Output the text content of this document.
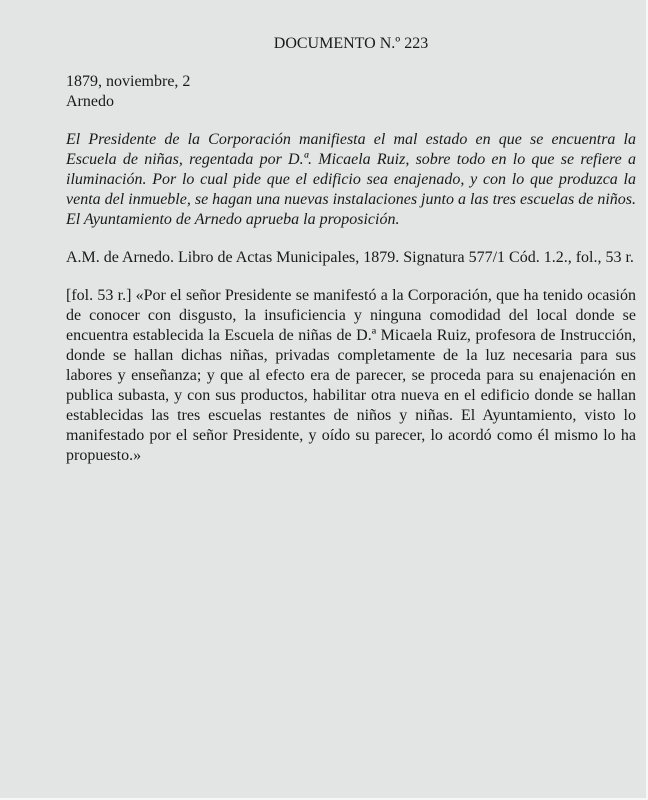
DOCUMENTO N.º 223

1879, noviembre, 2

Arnedo

El Presidente de la Corporación manifiesta el mal estado en que se encuentra la Escuela de niñas, regentada por D.ª. Micaela Ruiz, sobre todo en lo que se refiere a iluminación. Por lo cual pide que el edificio sea enajenado, y con lo que produzca la venta del inmueble, se hagan una nuevas instalaciones junto a las tres escuelas de niños. El Ayuntamiento de Arnedo aprueba la proposición.

A.M. de Arnedo. Libro de Actas Municipales, 1879. Signatura 577/1 Cód. 1.2., fol., 53 r.

[fol. 53 r.] «Por el señor Presidente se manifestó a la Corporación, que ha tenido ocasión de conocer con disgusto, la insuficiencia y ninguna comodidad del local donde se encuentra establecida la Escuela de niñas de D.ª Micaela Ruiz, profesora de Instrucción, donde se hallan dichas niñas, privadas completamente de la luz necesaria para sus labores y enseñanza; y que al efecto era de parecer, se proceda para su enajenación en publica subasta, y con sus productos, habilitar otra nueva en el edificio donde se hallan establecidas las tres escuelas restantes de niños y niñas. El Ayuntamiento, visto lo manifestado por el señor Presidente, y oído su parecer, lo acordó como él mismo lo ha propuesto.»
